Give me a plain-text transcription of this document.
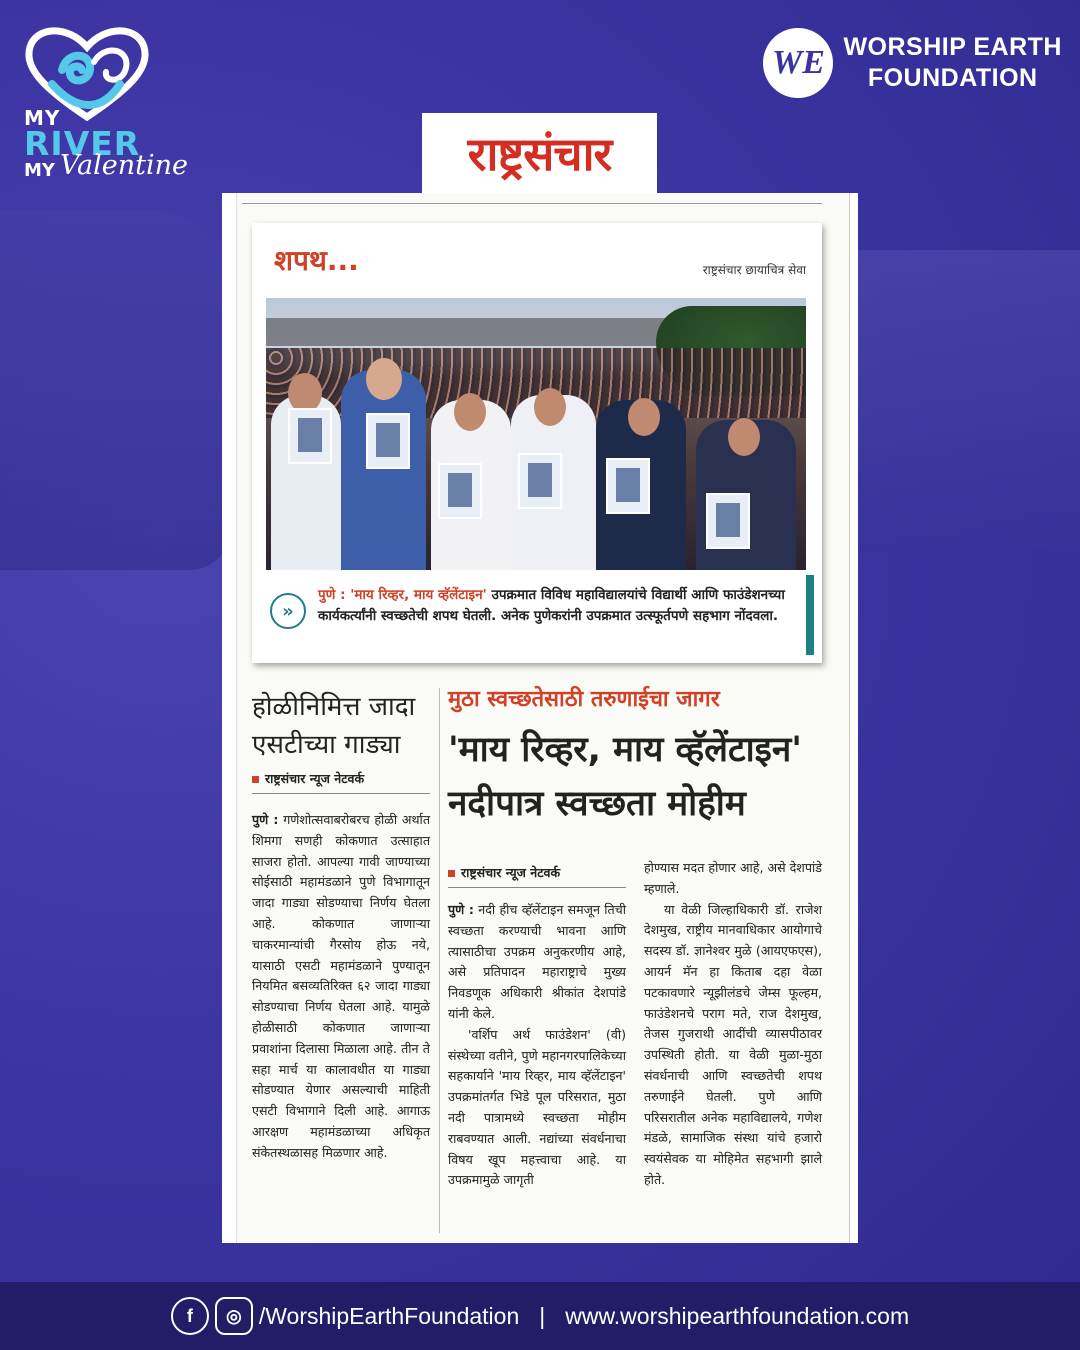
MY
RIVER
MY Valentine
WE WORSHIP EARTH
FOUNDATION
राष्ट्रसंचार
शपथ...	राष्ट्रसंचार छायाचित्र सेवा
»
पुणे : 'माय रिव्हर, माय व्हॅलेंटाइन' उपक्रमात विविध महाविद्यालयांचे विद्यार्थी आणि फाउंडेशनच्या कार्यकर्त्यांनी स्वच्छतेची शपथ घेतली. अनेक पुणेकरांनी उपक्रमात उत्स्फूर्तपणे सहभाग नोंदवला.
होळीनिमित्त जादा
एसटीच्या गाड्या
राष्ट्रसंचार न्यूज नेटवर्क
पुणे : गणेशोत्सवाबरोबरच होळी अर्थात शिमगा सणही कोकणात उत्साहात साजरा होतो. आपल्या गावी जाण्याच्या सोईसाठी महामंडळाने पुणे विभागातून जादा गाड्या सोडण्याचा निर्णय घेतला आहे. कोकणात जाणाऱ्या चाकरमान्यांची गैरसोय होऊ नये, यासाठी एसटी महामंडळाने पुण्यातून नियमित बसव्यतिरिक्त ६२ जादा गाड्या सोडण्याचा निर्णय घेतला आहे. यामुळे होळीसाठी कोकणात जाणाऱ्या प्रवाशांना दिलासा मिळाला आहे. तीन ते सहा मार्च या कालावधीत या गाड्या सोडण्यात येणार असल्याची माहिती एसटी विभागाने दिली आहे. आगाऊ आरक्षण महामंडळाच्या अधिकृत संकेतस्थळासह मिळणार आहे.
मुठा स्वच्छतेसाठी तरुणाईचा जागर
'माय रिव्हर, माय व्हॅलेंटाइन'
नदीपात्र स्वच्छता मोहीम
राष्ट्रसंचार न्यूज नेटवर्क
पुणे : नदी हीच व्हॅलेंटाइन समजून तिची स्वच्छता करण्याची भावना आणि त्यासाठीचा उपक्रम अनुकरणीय आहे, असे प्रतिपादन महाराष्ट्राचे मुख्य निवडणूक अधिकारी श्रीकांत देशपांडे यांनी केले.
'वर्शिप अर्थ फाउंडेशन' (वी) संस्थेच्या वतीने, पुणे महानगरपालिकेच्या सहकार्याने 'माय रिव्हर, माय व्हॅलेंटाइन' उपक्रमांतर्गत भिडे पूल परिसरात, मुठा नदी पात्रामध्ये स्वच्छता मोहीम राबवण्यात आली. नद्यांच्या संवर्धनाचा विषय खूप महत्त्वाचा आहे. या उपक्रमामुळे जागृती
होण्यास मदत होणार आहे, असे देशपांडे म्हणाले.
या वेळी जिल्हाधिकारी डॉ. राजेश देशमुख, राष्ट्रीय मानवाधिकार आयोगाचे सदस्य डॉ. ज्ञानेश्वर मुळे (आयएफएस), आयर्न मॅन हा किताब दहा वेळा पटकावणारे न्यूझीलंडचे जेम्स फूल्हम, फाउंडेशनचे पराग मते, राज देशमुख, तेजस गुजराथी आदींची व्यासपीठावर उपस्थिती होती. या वेळी मुळा-मुठा संवर्धनाची आणि स्वच्छतेची शपथ तरुणाईने घेतली. पुणे आणि परिसरातील अनेक महाविद्यालये, गणेश मंडळे, सामाजिक संस्था यांचे हजारो स्वयंसेवक या मोहिमेत सहभागी झाले होते.
f	◎ /WorshipEarthFoundation | www.worshipearthfoundation.com
